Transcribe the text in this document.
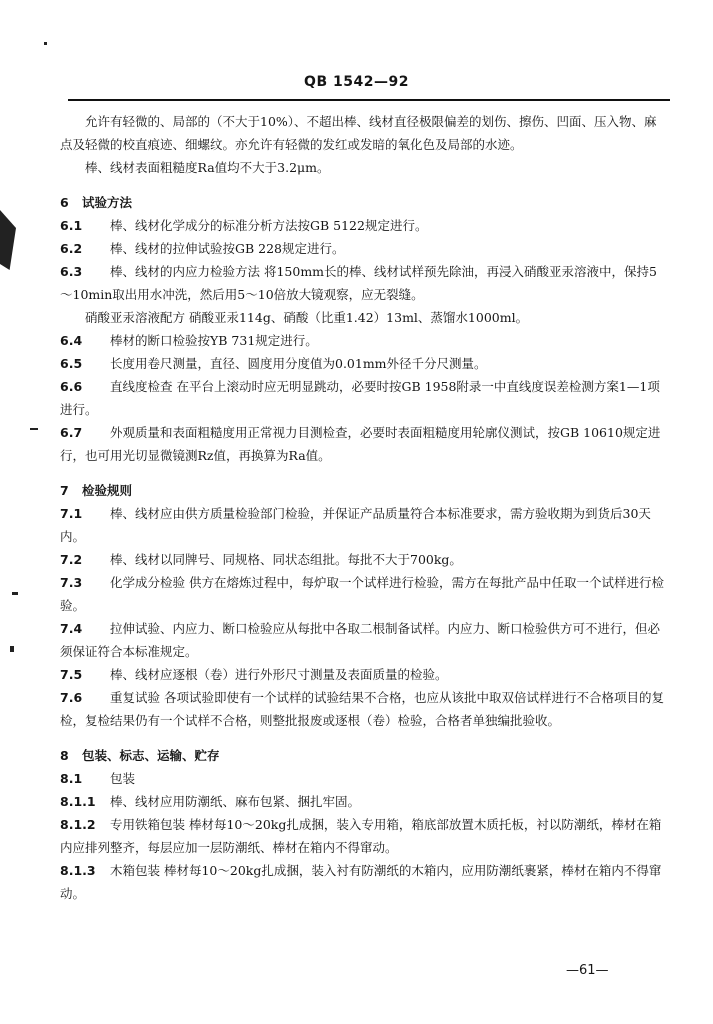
QB 1542—92

允许有轻微的、局部的（不大于10%）、不超出棒、线材直径极限偏差的划伤、擦伤、凹面、压入物、麻点及轻微的校直痕迹、细螺纹。亦允许有轻微的发红或发暗的氧化色及局部的水迹。

棒、线材表面粗糙度Ra值均不大于3.2μm。

6 试验方法

6.1 棒、线材化学成分的标准分析方法按GB 5122规定进行。

6.2 棒、线材的拉伸试验按GB 228规定进行。

6.3 棒、线材的内应力检验方法 将150mm长的棒、线材试样预先除油，再浸入硝酸亚汞溶液中，保持5～10min取出用水冲洗，然后用5～10倍放大镜观察，应无裂缝。

硝酸亚汞溶液配方 硝酸亚汞114g、硝酸（比重1.42）13ml、蒸馏水1000ml。

6.4 棒材的断口检验按YB 731规定进行。

6.5 长度用卷尺测量，直径、圆度用分度值为0.01mm外径千分尺测量。

6.6 直线度检查 在平台上滚动时应无明显跳动，必要时按GB 1958附录一中直线度误差检测方案1—1项进行。

6.7 外观质量和表面粗糙度用正常视力目测检查，必要时表面粗糙度用轮廓仪测试，按GB 10610规定进行，也可用光切显微镜测Rz值，再换算为Ra值。

7 检验规则

7.1 棒、线材应由供方质量检验部门检验，并保证产品质量符合本标准要求，需方验收期为到货后30天内。

7.2 棒、线材以同牌号、同规格、同状态组批。每批不大于700kg。

7.3 化学成分检验 供方在熔炼过程中，每炉取一个试样进行检验，需方在每批产品中任取一个试样进行检验。

7.4 拉伸试验、内应力、断口检验应从每批中各取二根制备试样。内应力、断口检验供方可不进行，但必须保证符合本标准规定。

7.5 棒、线材应逐根（卷）进行外形尺寸测量及表面质量的检验。

7.6 重复试验 各项试验即使有一个试样的试验结果不合格，也应从该批中取双倍试样进行不合格项目的复检，复检结果仍有一个试样不合格，则整批报废或逐根（卷）检验，合格者单独编批验收。

8 包装、标志、运输、贮存

8.1 包装

8.1.1 棒、线材应用防潮纸、麻布包紧、捆扎牢固。

8.1.2 专用铁箱包装 棒材每10～20kg扎成捆，装入专用箱，箱底部放置木质托板，衬以防潮纸，棒材在箱内应排列整齐，每层应加一层防潮纸、棒材在箱内不得窜动。

8.1.3 木箱包装 棒材每10～20kg扎成捆，装入衬有防潮纸的木箱内，应用防潮纸裹紧，棒材在箱内不得窜动。

—61—
